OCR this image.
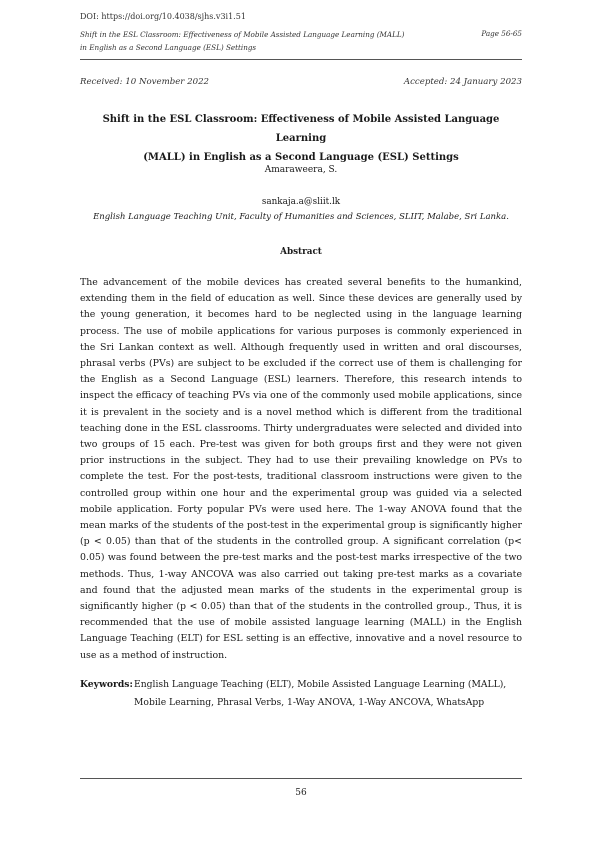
DOI: https://doi.org/10.4038/sjhs.v3i1.51
Shift in the ESL Classroom: Effectiveness of Mobile Assisted Language Learning (MALL)
in English as a Second Language (ESL) Settings
Page 56-65
Received: 10 November 2022	Accepted: 24 January 2023
Shift in the ESL Classroom: Effectiveness of Mobile Assisted Language Learning
(MALL) in English as a Second Language (ESL) Settings
Amaraweera, S.
sankaja.a@sliit.lk
English Language Teaching Unit, Faculty of Humanities and Sciences, SLIIT, Malabe, Sri Lanka.
Abstract
The advancement of the mobile devices has created several benefits to the humankind, extending them in the field of education as well. Since these devices are generally used by the young generation, it becomes hard to be neglected using in the language learning process. The use of mobile applications for various purposes is commonly experienced in the Sri Lankan context as well. Although frequently used in written and oral discourses, phrasal verbs (PVs) are subject to be excluded if the correct use of them is challenging for the English as a Second Language (ESL) learners. Therefore, this research intends to inspect the efficacy of teaching PVs via one of the commonly used mobile applications, since it is prevalent in the society and is a novel method which is different from the traditional teaching done in the ESL classrooms. Thirty undergraduates were selected and divided into two groups of 15 each. Pre-test was given for both groups first and they were not given prior instructions in the subject. They had to use their prevailing knowledge on PVs to complete the test. For the post-tests, traditional classroom instructions were given to the controlled group within one hour and the experimental group was guided via a selected mobile application. Forty popular PVs were used here. The 1-way ANOVA found that the mean marks of the students of the post-test in the experimental group is significantly higher (p < 0.05) than that of the students in the controlled group. A significant correlation (p< 0.05) was found between the pre-test marks and the post-test marks irrespective of the two methods. Thus, 1-way ANCOVA was also carried out taking pre-test marks as a covariate and found that the adjusted mean marks of the students in the experimental group is significantly higher (p < 0.05) than that of the students in the controlled group., Thus, it is recommended that the use of mobile assisted language learning (MALL) in the English Language Teaching (ELT) for ESL setting is an effective, innovative and a novel resource to use as a method of instruction.
Keywords: English Language Teaching (ELT), Mobile Assisted Language Learning (MALL), Mobile Learning, Phrasal Verbs, 1-Way ANOVA, 1-Way ANCOVA, WhatsApp
56
